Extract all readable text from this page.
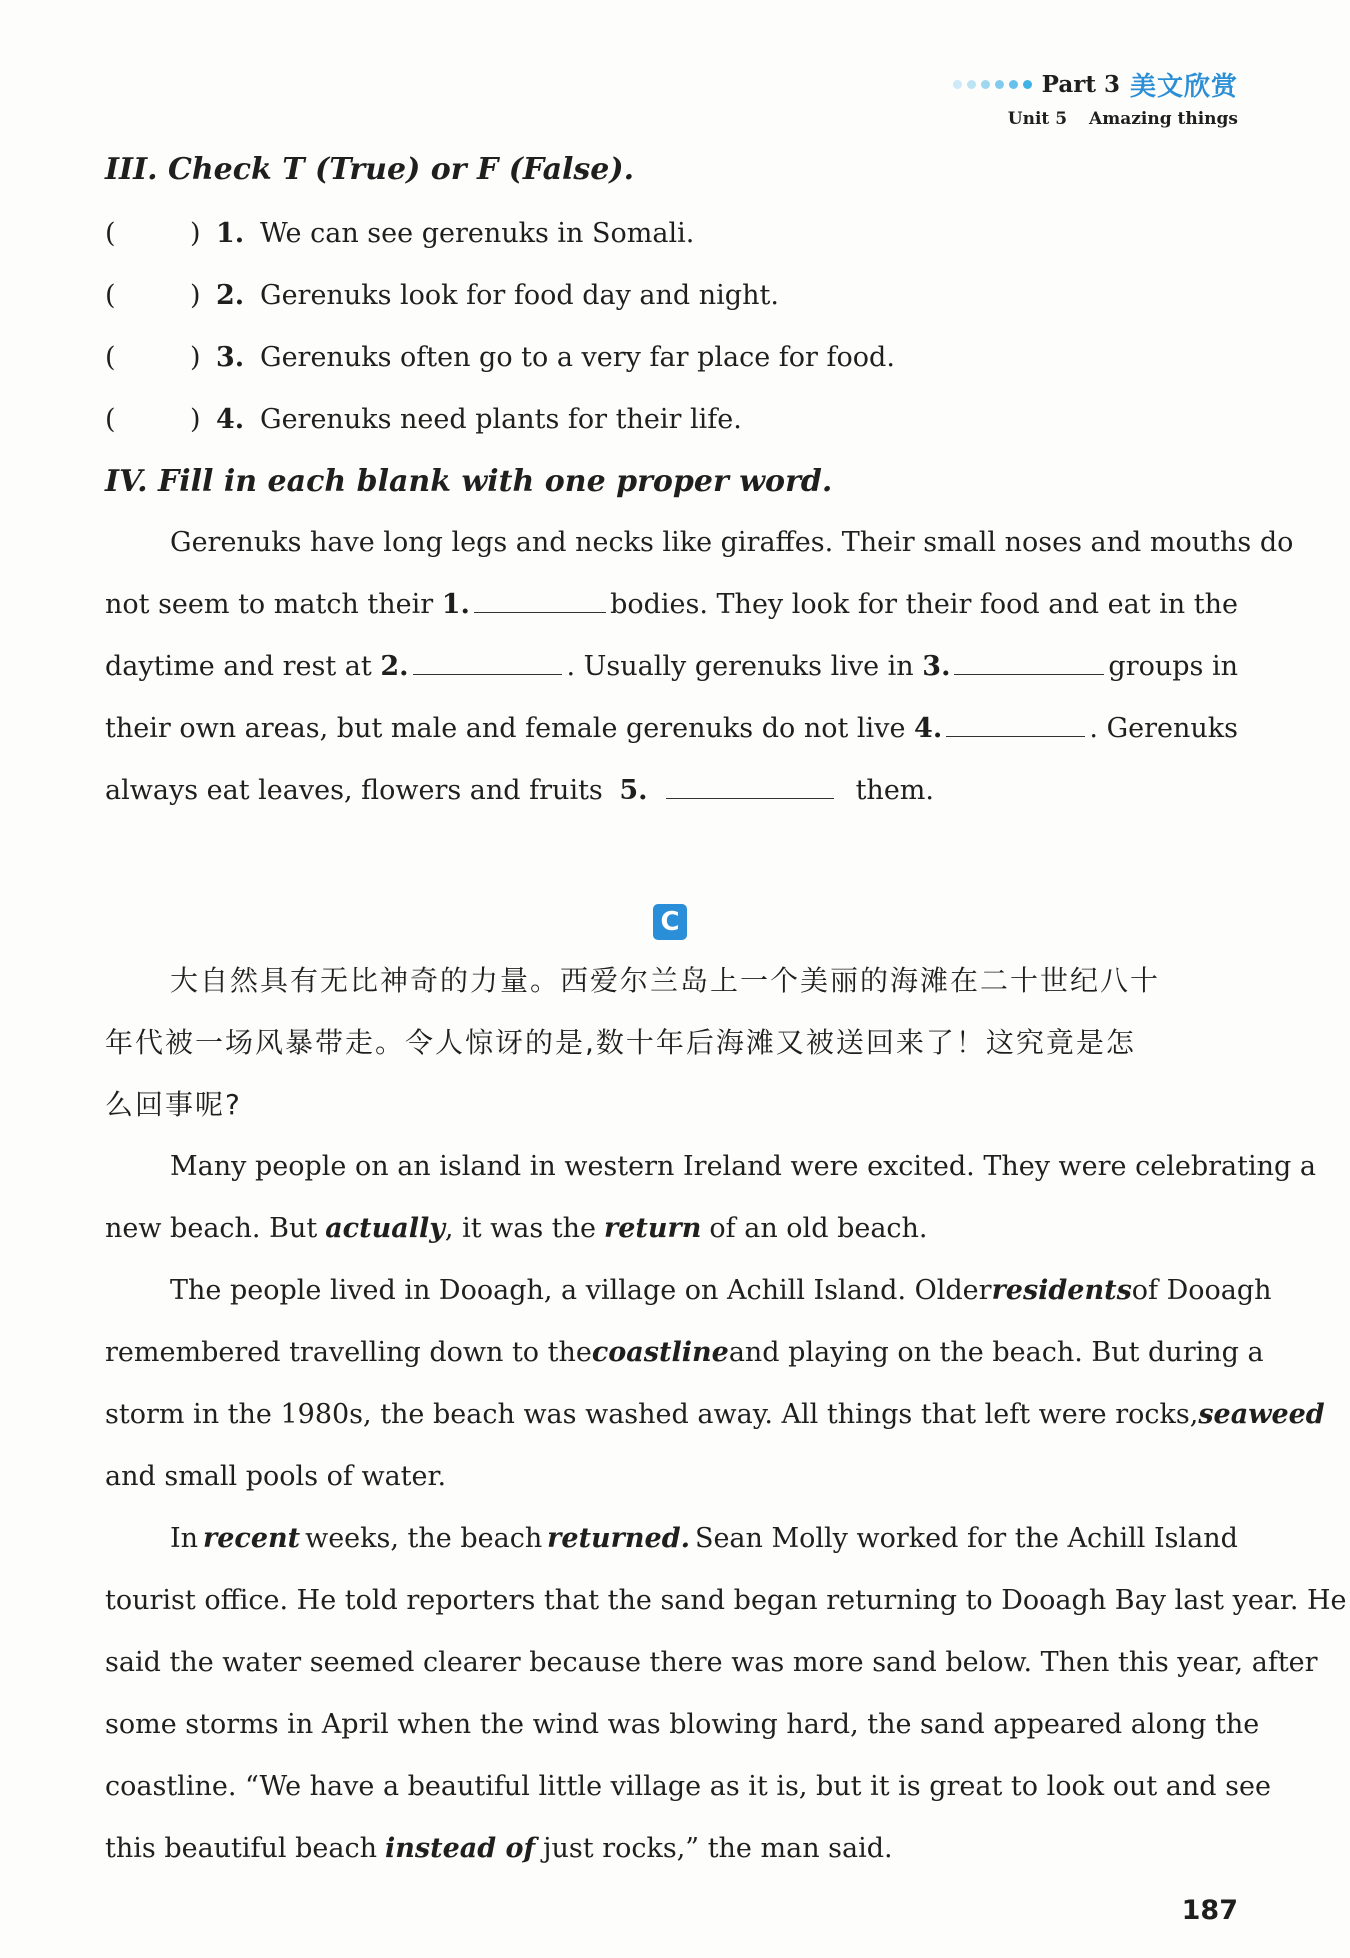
Part 3 美文欣赏
Unit 5 Amazing things
III. Check T (True) or F (False).
(	) 1. We can see gerenuks in Somali.
(	) 2. Gerenuks look for food day and night.
(	) 3. Gerenuks often go to a very far place for food.
(	) 4. Gerenuks need plants for their life.
IV. Fill in each blank with one proper word.
Gerenuks have long legs and necks like giraffes. Their small noses and mouths do
not seem to match their 1.	bodies. They look for their food and eat in the
daytime and rest at 2.	. Usually gerenuks live in 3.	groups in
their own areas, but male and female gerenuks do not live 4.	. Gerenuks
always eat leaves, flowers and fruits 5.	them.
C
大自然具有无比神奇的力量。西爱尔兰岛上一个美丽的海滩在二十世纪八十
年代被一场风暴带走。令人惊讶的是,数十年后海滩又被送回来了！这究竟是怎
么回事呢?
Many people on an island in western Ireland were excited. They were celebrating a
new beach. But actually , it was the return of an old beach.
The people lived in Dooagh, a village on Achill Island. Older residents of Dooagh
remembered travelling down to the coastline and playing on the beach. But during a
storm in the 1980s, the beach was washed away. All things that left were rocks, seaweed
and small pools of water.
In recent weeks, the beach returned. Sean Molly worked for the Achill Island
tourist office. He told reporters that the sand began returning to Dooagh Bay last year. He
said the water seemed clearer because there was more sand below. Then this year, after
some storms in April when the wind was blowing hard, the sand appeared along the
coastline. “We have a beautiful little village as it is, but it is great to look out and see
this beautiful beach instead of just rocks,” the man said.
187
